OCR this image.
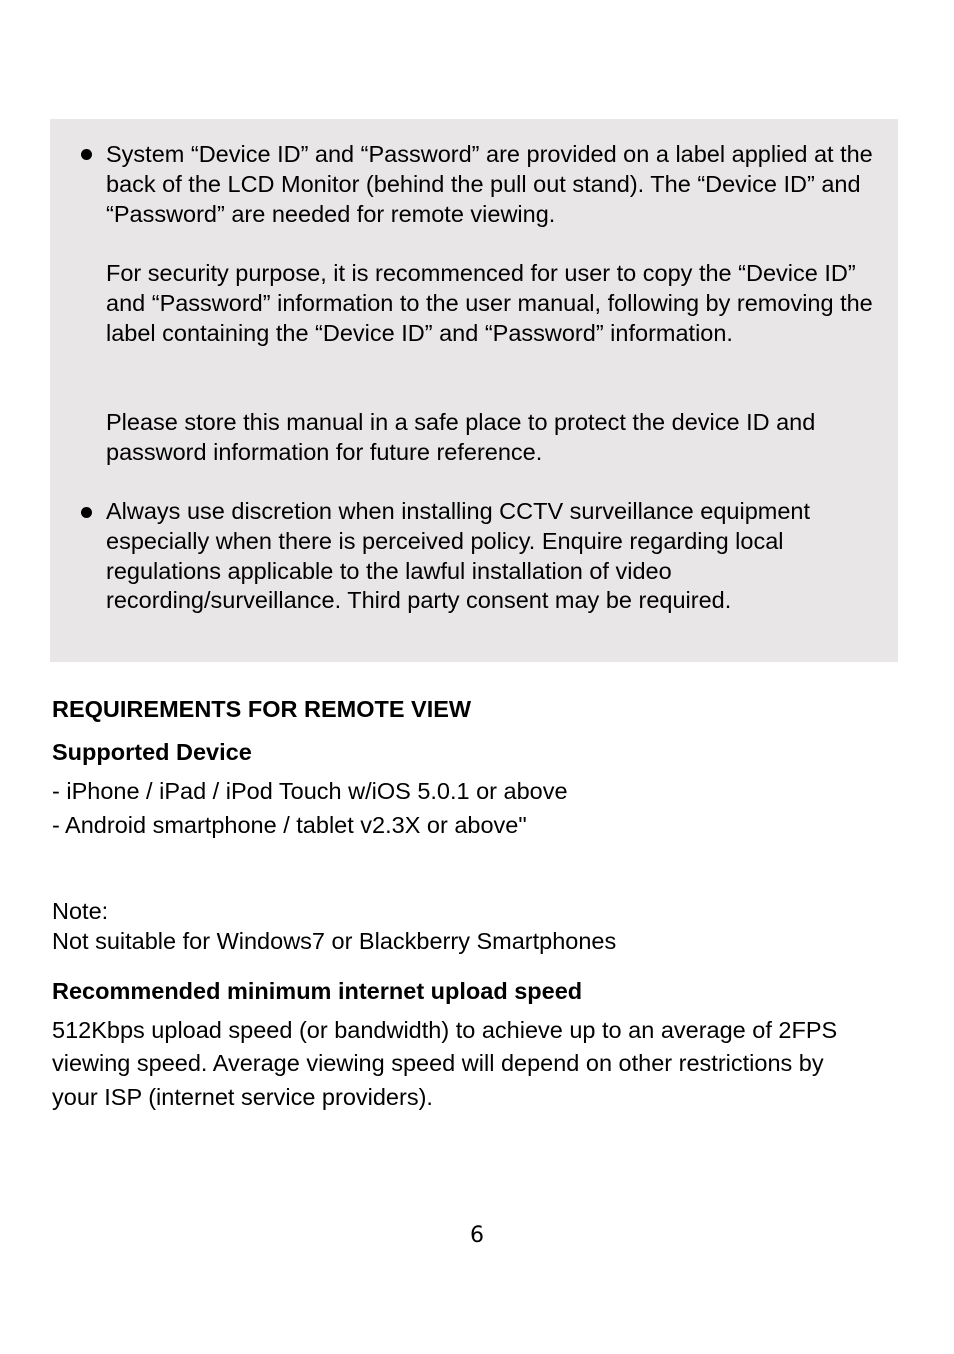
System “Device ID” and “Password” are provided on a label applied at the back of the LCD Monitor (behind the pull out stand). The “Device ID” and “Password” are needed for remote viewing.

For security purpose, it is recommenced for user to copy the “Device ID” and “Password” information to the user manual, following by removing the label containing the “Device ID” and “Password” information.

Please store this manual in a safe place to protect the device ID and password information for future reference.

Always use discretion when installing CCTV surveillance equipment especially when there is perceived policy. Enquire regarding local regulations applicable to the lawful installation of video recording/surveillance. Third party consent may be required.

REQUIREMENTS FOR REMOTE VIEW

Supported Device

- iPhone / iPad / iPod Touch w/iOS 5.0.1 or above

- Android smartphone / tablet v2.3X or above"

Note:

Not suitable for Windows7 or Blackberry Smartphones

Recommended minimum internet upload speed

512Kbps upload speed (or bandwidth) to achieve up to an average of 2FPS viewing speed. Average viewing speed will depend on other restrictions by your ISP (internet service providers).

6
